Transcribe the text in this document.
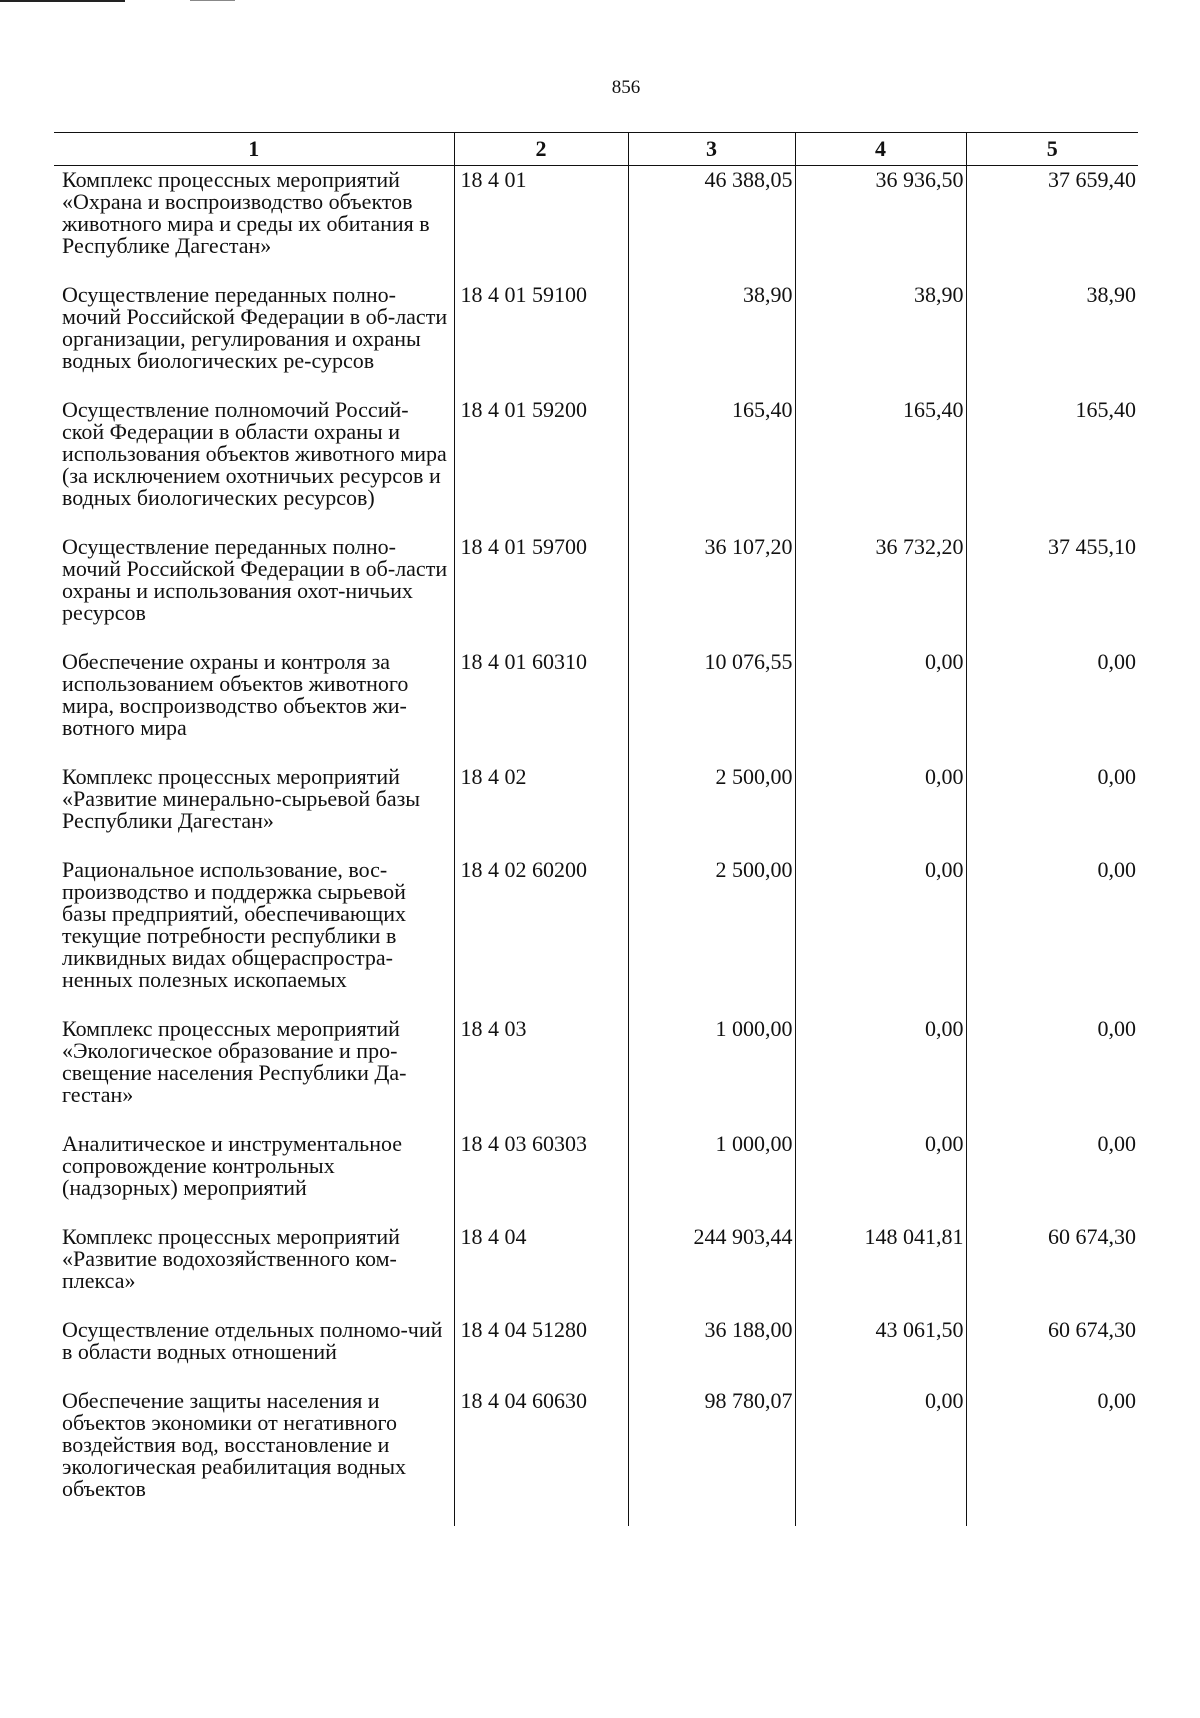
856
1	2	3	4	5
Комплекс процессных мероприятий «Охрана и воспроизводство объектов животного мира и среды их обитания в Республике Дагестан»	18 4 01	46 388,05	36 936,50	37 659,40
Осуществление переданных полно-мочий Российской Федерации в об-ласти организации, регулирования и охраны водных биологических ре-сурсов	18 4 01 59100	38,90	38,90	38,90
Осуществление полномочий Россий-ской Федерации в области охраны и использования объектов животного мира (за исключением охотничьих ресурсов и водных биологических ресурсов)	18 4 01 59200	165,40	165,40	165,40
Осуществление переданных полно-мочий Российской Федерации в об-ласти охраны и использования охот-ничьих ресурсов	18 4 01 59700	36 107,20	36 732,20	37 455,10
Обеспечение охраны и контроля за использованием объектов животного мира, воспроизводство объектов жи-вотного мира	18 4 01 60310	10 076,55	0,00	0,00
Комплекс процессных мероприятий «Развитие минерально-сырьевой базы Республики Дагестан»	18 4 02	2 500,00	0,00	0,00
Рациональное использование, вос-производство и поддержка сырьевой базы предприятий, обеспечивающих текущие потребности республики в ликвидных видах общераспростра-ненных полезных ископаемых	18 4 02 60200	2 500,00	0,00	0,00
Комплекс процессных мероприятий «Экологическое образование и про-свещение населения Республики Да-гестан»	18 4 03	1 000,00	0,00	0,00
Аналитическое и инструментальное сопровождение контрольных (надзорных) мероприятий	18 4 03 60303	1 000,00	0,00	0,00
Комплекс процессных мероприятий «Развитие водохозяйственного ком-плекса»	18 4 04	244 903,44	148 041,81	60 674,30
Осуществление отдельных полномо-чий в области водных отношений	18 4 04 51280	36 188,00	43 061,50	60 674,30
Обеспечение защиты населения и объектов экономики от негативного воздействия вод, восстановление и экологическая реабилитация водных объектов	18 4 04 60630	98 780,07	0,00	0,00
